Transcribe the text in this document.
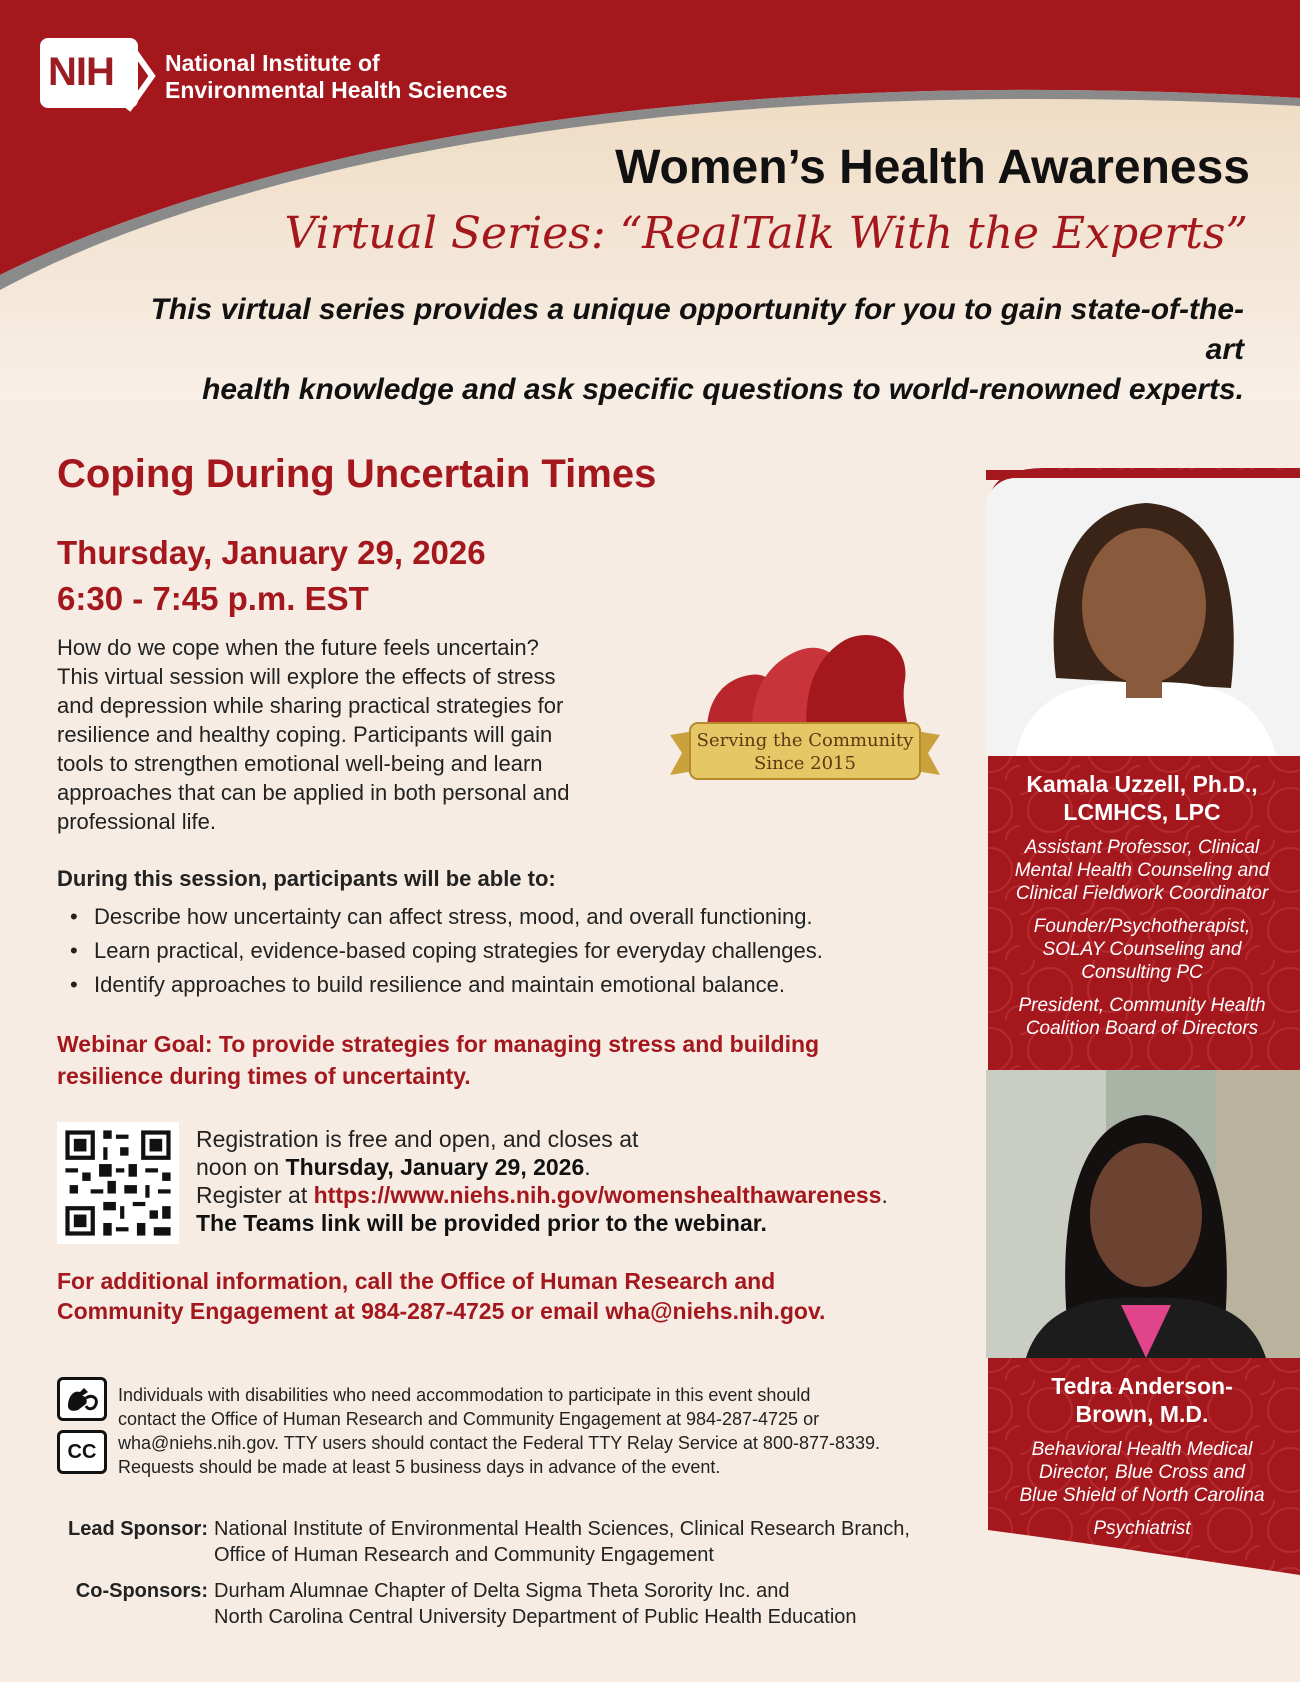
NIH National Institute of
Environmental Health Sciences
Women’s Health Awareness
Virtual Series: “RealTalk With the Experts”
This virtual series provides a unique opportunity for you to gain state-of-the-art
health knowledge and ask specific questions to world-renowned experts.
Coping During Uncertain Times
Thursday, January 29, 2026
6:30 - 7:45 p.m. EST
How do we cope when the future feels uncertain?
This virtual session will explore the effects of stress
and depression while sharing practical strategies for
resilience and healthy coping. Participants will gain
tools to strengthen emotional well-being and learn
approaches that can be applied in both personal and
professional life.
Serving the Community
Since 2015
During this session, participants will be able to:
• Describe how uncertainty can affect stress, mood, and overall functioning.
• Learn practical, evidence-based coping strategies for everyday challenges.
• Identify approaches to build resilience and maintain emotional balance.
Webinar Goal: To provide strategies for managing stress and building
resilience during times of uncertainty.
Registration is free and open, and closes at
noon on Thursday, January 29, 2026.
Register at https://www.niehs.nih.gov/womenshealthawareness.
The Teams link will be provided prior to the webinar.
For additional information, call the Office of Human Research and
Community Engagement at 984-287-4725 or email wha@niehs.nih.gov.
CC
Individuals with disabilities who need accommodation to participate in this event should
contact the Office of Human Research and Community Engagement at 984-287-4725 or
wha@niehs.nih.gov. TTY users should contact the Federal TTY Relay Service at 800-877-8339.
Requests should be made at least 5 business days in advance of the event.
Lead Sponsor: National Institute of Environmental Health Sciences, Clinical Research Branch,
Office of Human Research and Community Engagement
Co-Sponsors: Durham Alumnae Chapter of Delta Sigma Theta Sorority Inc. and
North Carolina Central University Department of Public Health Education
Kamala Uzzell, Ph.D.,
LCMHCS, LPC
Assistant Professor, Clinical
Mental Health Counseling and
Clinical Fieldwork Coordinator
Founder/Psychotherapist,
SOLAY Counseling and
Consulting PC
President, Community Health
Coalition Board of Directors
Tedra Anderson-
Brown, M.D.
Behavioral Health Medical
Director, Blue Cross and
Blue Shield of North Carolina
Psychiatrist
